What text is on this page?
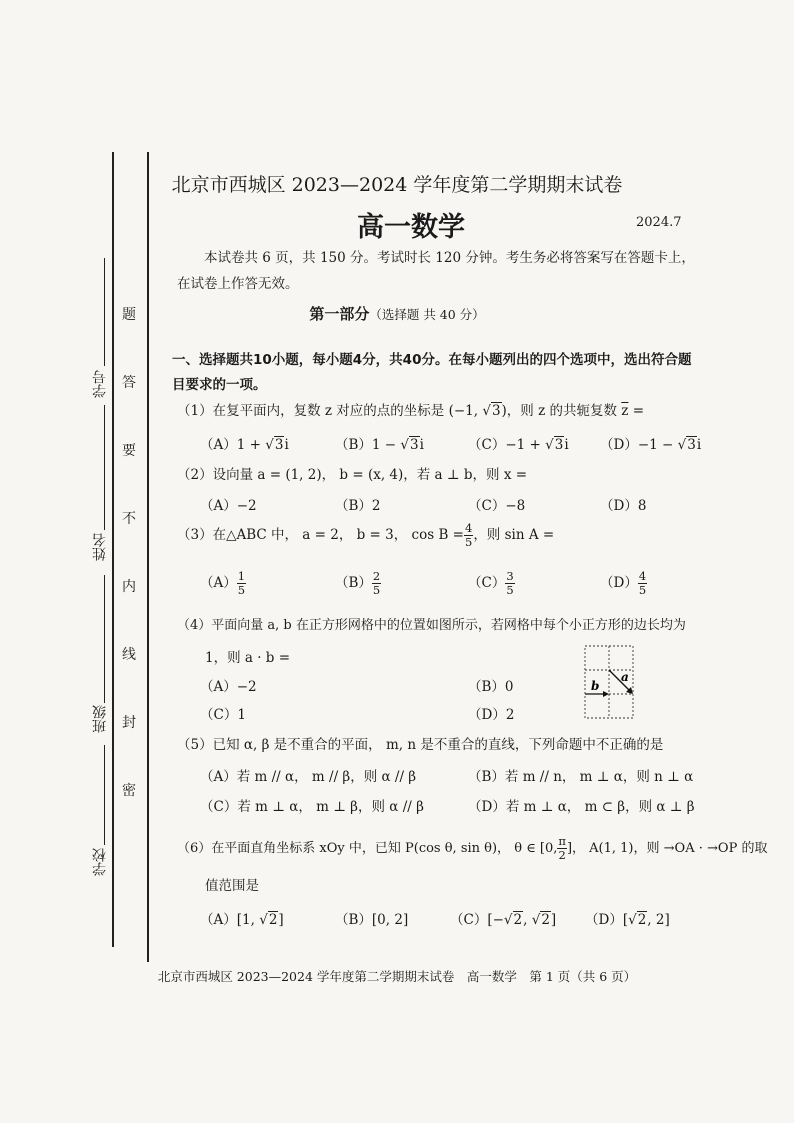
学号
姓名
班级
学校
题
答
要
不
内
线
封
密
北京市西城区 2023—2024 学年度第二学期期末试卷
高一数学	2024.7
本试卷共 6 页，共 150 分。考试时长 120 分钟。考生务必将答案写在答题卡上，在试卷上作答无效。
第一部分（选择题 共 40 分）
一、选择题共10小题，每小题4分，共40分。在每小题列出的四个选项中，选出符合题目要求的一项。
（1）在复平面内，复数 z 对应的点的坐标是 (−1, √3)，则 z 的共轭复数 $\overline{z}$ =
（A）1 + √3i	（B）1 − √3i	（C）−1 + √3i （D）−1 − √3i
（2）设向量 a = (1, 2)， b = (x, 4)，若 a ⊥ b，则 x =
（A）−2	（B）2	（C）−8	（D）8
（3）在△ABC 中， a = 2， b = 3， $\cos B = \frac{4}{5}$ ，则 sin A =
$(A) \frac{1}{5}$	$(B) \frac{2}{5}$	$(C) \frac{3}{5}$	$(D) \frac{4}{5}$
（4）平面向量 a, b 在正方形网格中的位置如图所示，若网格中每个小正方形的边长均为
1，则 a · b =
（A）−2	（B）0
（C）1	（D）2
b
a
（5）已知 α, β 是不重合的平面， m, n 是不重合的直线，下列命题中不正确的是
（A）若 m // α， m // β，则 α // β	（B）若 m // n， m ⊥ α，则 n ⊥ α
（C）若 m ⊥ α， m ⊥ β，则 α // β	（D）若 m ⊥ α， m ⊂ β，则 α ⊥ β
（6）在平面直角坐标系 xOy 中，已知 P(cos θ, sin θ)， θ ∈ [0, $\frac{\pi}{2}$ ]， A(1, 1)，则 →

OA · →OP 的取
值范围是
（A）[1, √2]	（B）[0, 2]	（C）[−√2, √2] （D）[√2, 2]
北京市西城区 2023—2024 学年度第二学期期末试卷　高一数学　第 1 页（共 6 页）
